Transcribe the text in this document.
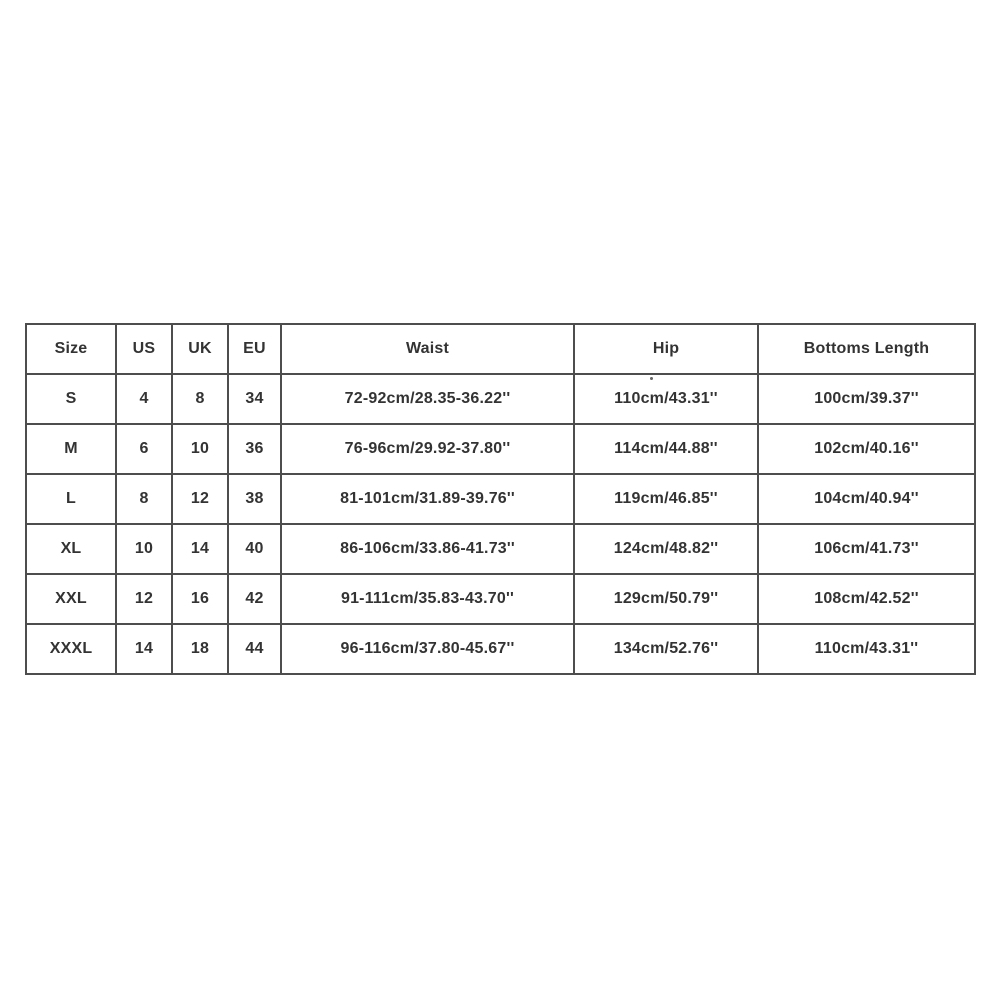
Size	US	UK	EU	Waist	Hip	Bottoms Length
S	4	8	34	72-92cm/28.35-36.22''	110cm/43.31''	100cm/39.37''
M	6	10	36	76-96cm/29.92-37.80''	114cm/44.88''	102cm/40.16''
L	8	12	38	81-101cm/31.89-39.76''	119cm/46.85''	104cm/40.94''
XL	10	14	40	86-106cm/33.86-41.73''	124cm/48.82''	106cm/41.73''
XXL	12	16	42	91-111cm/35.83-43.70''	129cm/50.79''	108cm/42.52''
XXXL	14	18	44	96-116cm/37.80-45.67''	134cm/52.76''	110cm/43.31''
